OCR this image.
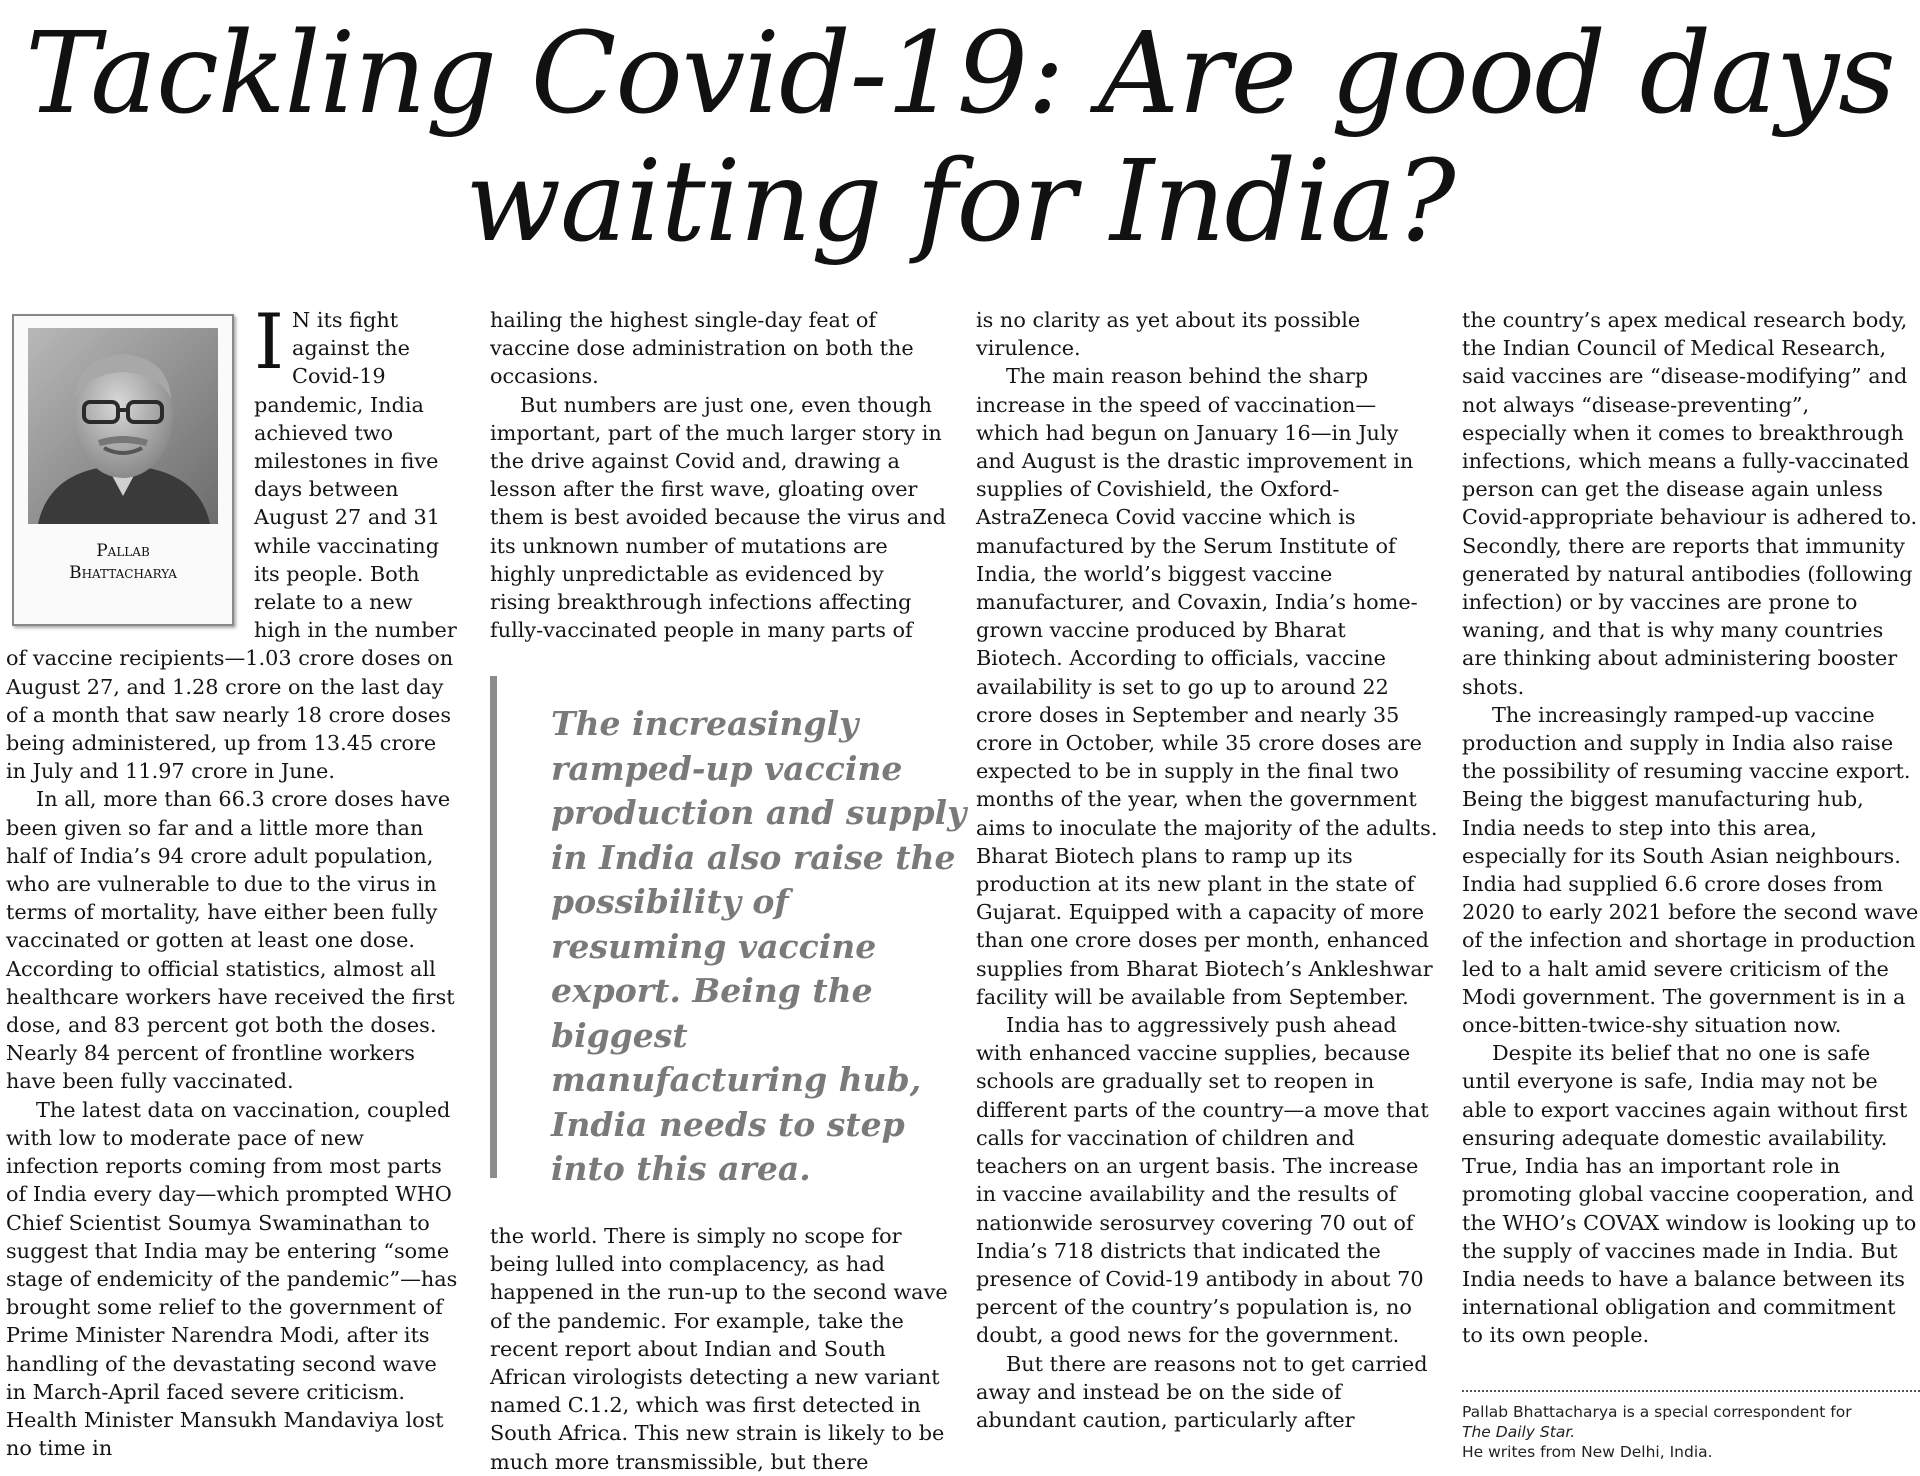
Tackling Covid-19: Are good days
waiting for India?
Pallab
Bhattacharya

I N its fight against the Covid-19 pandemic, India achieved two milestones in five days between August 27 and 31 while vaccinating its people. Both relate to a new high in the number of vaccine recipients—1.03 crore doses on August 27, and 1.28 crore on the last day of a month that saw nearly 18 crore doses being administered, up from 13.45 crore in July and 11.97 crore in June.

In all, more than 66.3 crore doses have been given so far and a little more than half of India’s 94 crore adult population, who are vulnerable to due to the virus in terms of mortality, have either been fully vaccinated or gotten at least one dose. According to official statistics, almost all healthcare workers have received the first dose, and 83 percent got both the doses. Nearly 84 percent of frontline workers have been fully vaccinated.

The latest data on vaccination, coupled with low to moderate pace of new infection reports coming from most parts of India every day—which prompted WHO Chief Scientist Soumya Swaminathan to suggest that India may be entering “some stage of endemicity of the pandemic”—has brought some relief to the government of Prime Minister Narendra Modi, after its handling of the devastating second wave in March-April faced severe criticism. Health Minister Mansukh Mandaviya lost no time in

hailing the highest single-day feat of vaccine dose administration on both the occasions.

But numbers are just one, even though important, part of the much larger story in the drive against Covid and, drawing a lesson after the first wave, gloating over them is best avoided because the virus and its unknown number of mutations are highly unpredictable as evidenced by rising breakthrough infections affecting fully-vaccinated people in many parts of

The increasingly ramped-up vaccine production and supply in India also raise the possibility of resuming vaccine export. Being the biggest manufacturing hub, India needs to step into this area.

the world. There is simply no scope for being lulled into complacency, as had happened in the run-up to the second wave of the pandemic. For example, take the recent report about Indian and South African virologists detecting a new variant named C.1.2, which was first detected in South Africa. This new strain is likely to be much more transmissible, but there

is no clarity as yet about its possible virulence.

The main reason behind the sharp increase in the speed of vaccination—which had begun on January 16—in July and August is the drastic improvement in supplies of Covishield, the Oxford-AstraZeneca Covid vaccine which is manufactured by the Serum Institute of India, the world’s biggest vaccine manufacturer, and Covaxin, India’s home-grown vaccine produced by Bharat Biotech. According to officials, vaccine availability is set to go up to around 22 crore doses in September and nearly 35 crore in October, while 35 crore doses are expected to be in supply in the final two months of the year, when the government aims to inoculate the majority of the adults. Bharat Biotech plans to ramp up its production at its new plant in the state of Gujarat. Equipped with a capacity of more than one crore doses per month, enhanced supplies from Bharat Biotech’s Ankleshwar facility will be available from September.

India has to aggressively push ahead with enhanced vaccine supplies, because schools are gradually set to reopen in different parts of the country—a move that calls for vaccination of children and teachers on an urgent basis. The increase in vaccine availability and the results of nationwide serosurvey covering 70 out of India’s 718 districts that indicated the presence of Covid-19 antibody in about 70 percent of the country’s population is, no doubt, a good news for the government.

But there are reasons not to get carried away and instead be on the side of abundant caution, particularly after

the country’s apex medical research body, the Indian Council of Medical Research, said vaccines are “disease-modifying” and not always “disease-preventing”, especially when it comes to breakthrough infections, which means a fully-vaccinated person can get the disease again unless Covid-appropriate behaviour is adhered to. Secondly, there are reports that immunity generated by natural antibodies (following infection) or by vaccines are prone to waning, and that is why many countries are thinking about administering booster shots.

The increasingly ramped-up vaccine production and supply in India also raise the possibility of resuming vaccine export. Being the biggest manufacturing hub, India needs to step into this area, especially for its South Asian neighbours. India had supplied 6.6 crore doses from 2020 to early 2021 before the second wave of the infection and shortage in production led to a halt amid severe criticism of the Modi government. The government is in a once-bitten-twice-shy situation now.

Despite its belief that no one is safe until everyone is safe, India may not be able to export vaccines again without first ensuring adequate domestic availability. True, India has an important role in promoting global vaccine cooperation, and the WHO’s COVAX window is looking up to the supply of vaccines made in India. But India needs to have a balance between its international obligation and commitment to its own people.

Pallab Bhattacharya is a special correspondent for
The Daily Star.
He writes from New Delhi, India.
